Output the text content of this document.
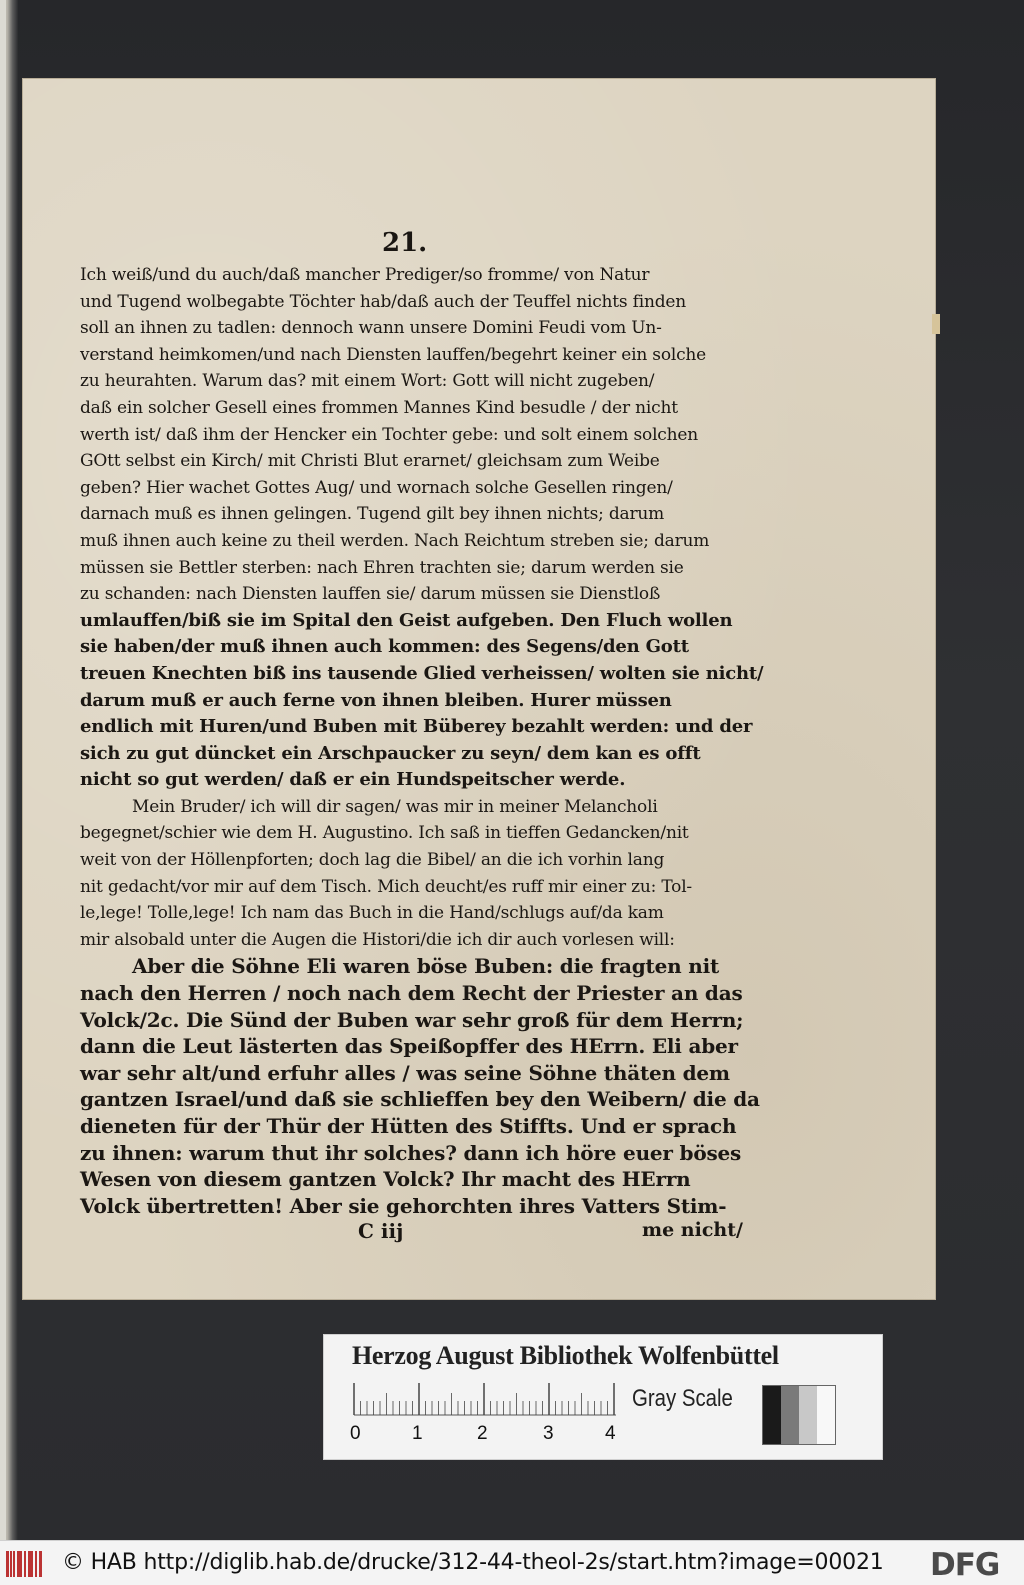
21.
Ich weiß/und du auch/daß mancher Prediger/so fromme/ von Natur
und Tugend wolbegabte Töchter hab/daß auch der Teuffel nichts finden
soll an ihnen zu tadlen: dennoch wann unsere Domini Feudi vom Un-
verstand heimkomen/und nach Diensten lauffen/begehrt keiner ein solche
zu heurahten. Warum das? mit einem Wort: Gott will nicht zugeben/
daß ein solcher Gesell eines frommen Mannes Kind besudle / der nicht
werth ist/ daß ihm der Hencker ein Tochter gebe: und solt einem solchen
GOtt selbst ein Kirch/ mit Christi Blut erarnet/ gleichsam zum Weibe
geben? Hier wachet Gottes Aug/ und wornach solche Gesellen ringen/
darnach muß es ihnen gelingen. Tugend gilt bey ihnen nichts; darum
muß ihnen auch keine zu theil werden. Nach Reichtum streben sie; darum
müssen sie Bettler sterben: nach Ehren trachten sie; darum werden sie
zu schanden: nach Diensten lauffen sie/ darum müssen sie Dienstloß
umlauffen/biß sie im Spital den Geist aufgeben. Den Fluch wollen
sie haben/der muß ihnen auch kommen: des Segens/den Gott
treuen Knechten biß ins tausende Glied verheissen/ wolten sie nicht/
darum muß er auch ferne von ihnen bleiben. Hurer müssen
endlich mit Huren/und Buben mit Büberey bezahlt werden: und der
sich zu gut düncket ein Arschpaucker zu seyn/ dem kan es offt
nicht so gut werden/ daß er ein Hundspeitscher werde.
Mein Bruder/ ich will dir sagen/ was mir in meiner Melancholi
begegnet/schier wie dem H. Augustino. Ich saß in tieffen Gedancken/nit
weit von der Höllenpforten; doch lag die Bibel/ an die ich vorhin lang
nit gedacht/vor mir auf dem Tisch. Mich deucht/es ruff mir einer zu: Tol-
le,lege! Tolle,lege! Ich nam das Buch in die Hand/schlugs auf/da kam
mir alsobald unter die Augen die Histori/die ich dir auch vorlesen will:
Aber die Söhne Eli waren böse Buben: die fragten nit
nach den Herren / noch nach dem Recht der Priester an das
Volck/2c. Die Sünd der Buben war sehr groß für dem Herrn;
dann die Leut lästerten das Speißopffer des HErrn. Eli aber
war sehr alt/und erfuhr alles / was seine Söhne thäten dem
gantzen Israel/und daß sie schlieffen bey den Weibern/ die da
dieneten für der Thür der Hütten des Stiffts. Und er sprach
zu ihnen: warum thut ihr solches? dann ich höre euer böses
Wesen von diesem gantzen Volck? Ihr macht des HErrn
Volck übertretten! Aber sie gehorchten ihres Vatters Stim-
C iij	me nicht/
Herzog August Bibliothek Wolfenbüttel
0	1	2	3	4
Gray Scale
© HAB http://diglib.hab.de/drucke/312-44-theol-2s/start.htm?image=00021 DFG
